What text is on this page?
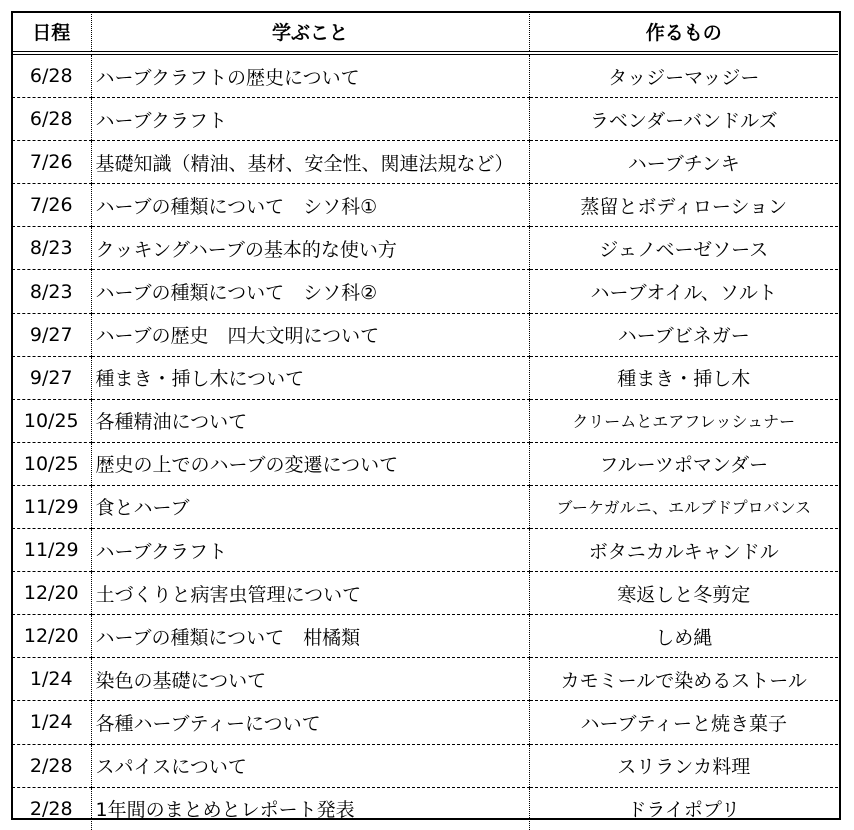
日程	学ぶこと	作るもの
6/28	ハーブクラフトの歴史について	タッジーマッジー
6/28	ハーブクラフト	ラベンダーバンドルズ
7/26	基礎知識（精油、基材、安全性、関連法規など）	ハーブチンキ
7/26	ハーブの種類について　シソ科①	蒸留とボディローション
8/23	クッキングハーブの基本的な使い方	ジェノベーゼソース
8/23	ハーブの種類について　シソ科②	ハーブオイル、ソルト
9/27	ハーブの歴史　四大文明について	ハーブビネガー
9/27	種まき・挿し木について	種まき・挿し木
10/25	各種精油について	クリームとエアフレッシュナー
10/25	歴史の上でのハーブの変遷について	フルーツポマンダー
11/29	食とハーブ	ブーケガルニ、エルブドプロバンス
11/29	ハーブクラフト	ボタニカルキャンドル
12/20	土づくりと病害虫管理について	寒返しと冬剪定
12/20	ハーブの種類について　柑橘類	しめ縄
1/24	染色の基礎について	カモミールで染めるストール
1/24	各種ハーブティーについて	ハーブティーと焼き菓子
2/28	スパイスについて	スリランカ料理
2/28	1年間のまとめとレポート発表	ドライポプリ
